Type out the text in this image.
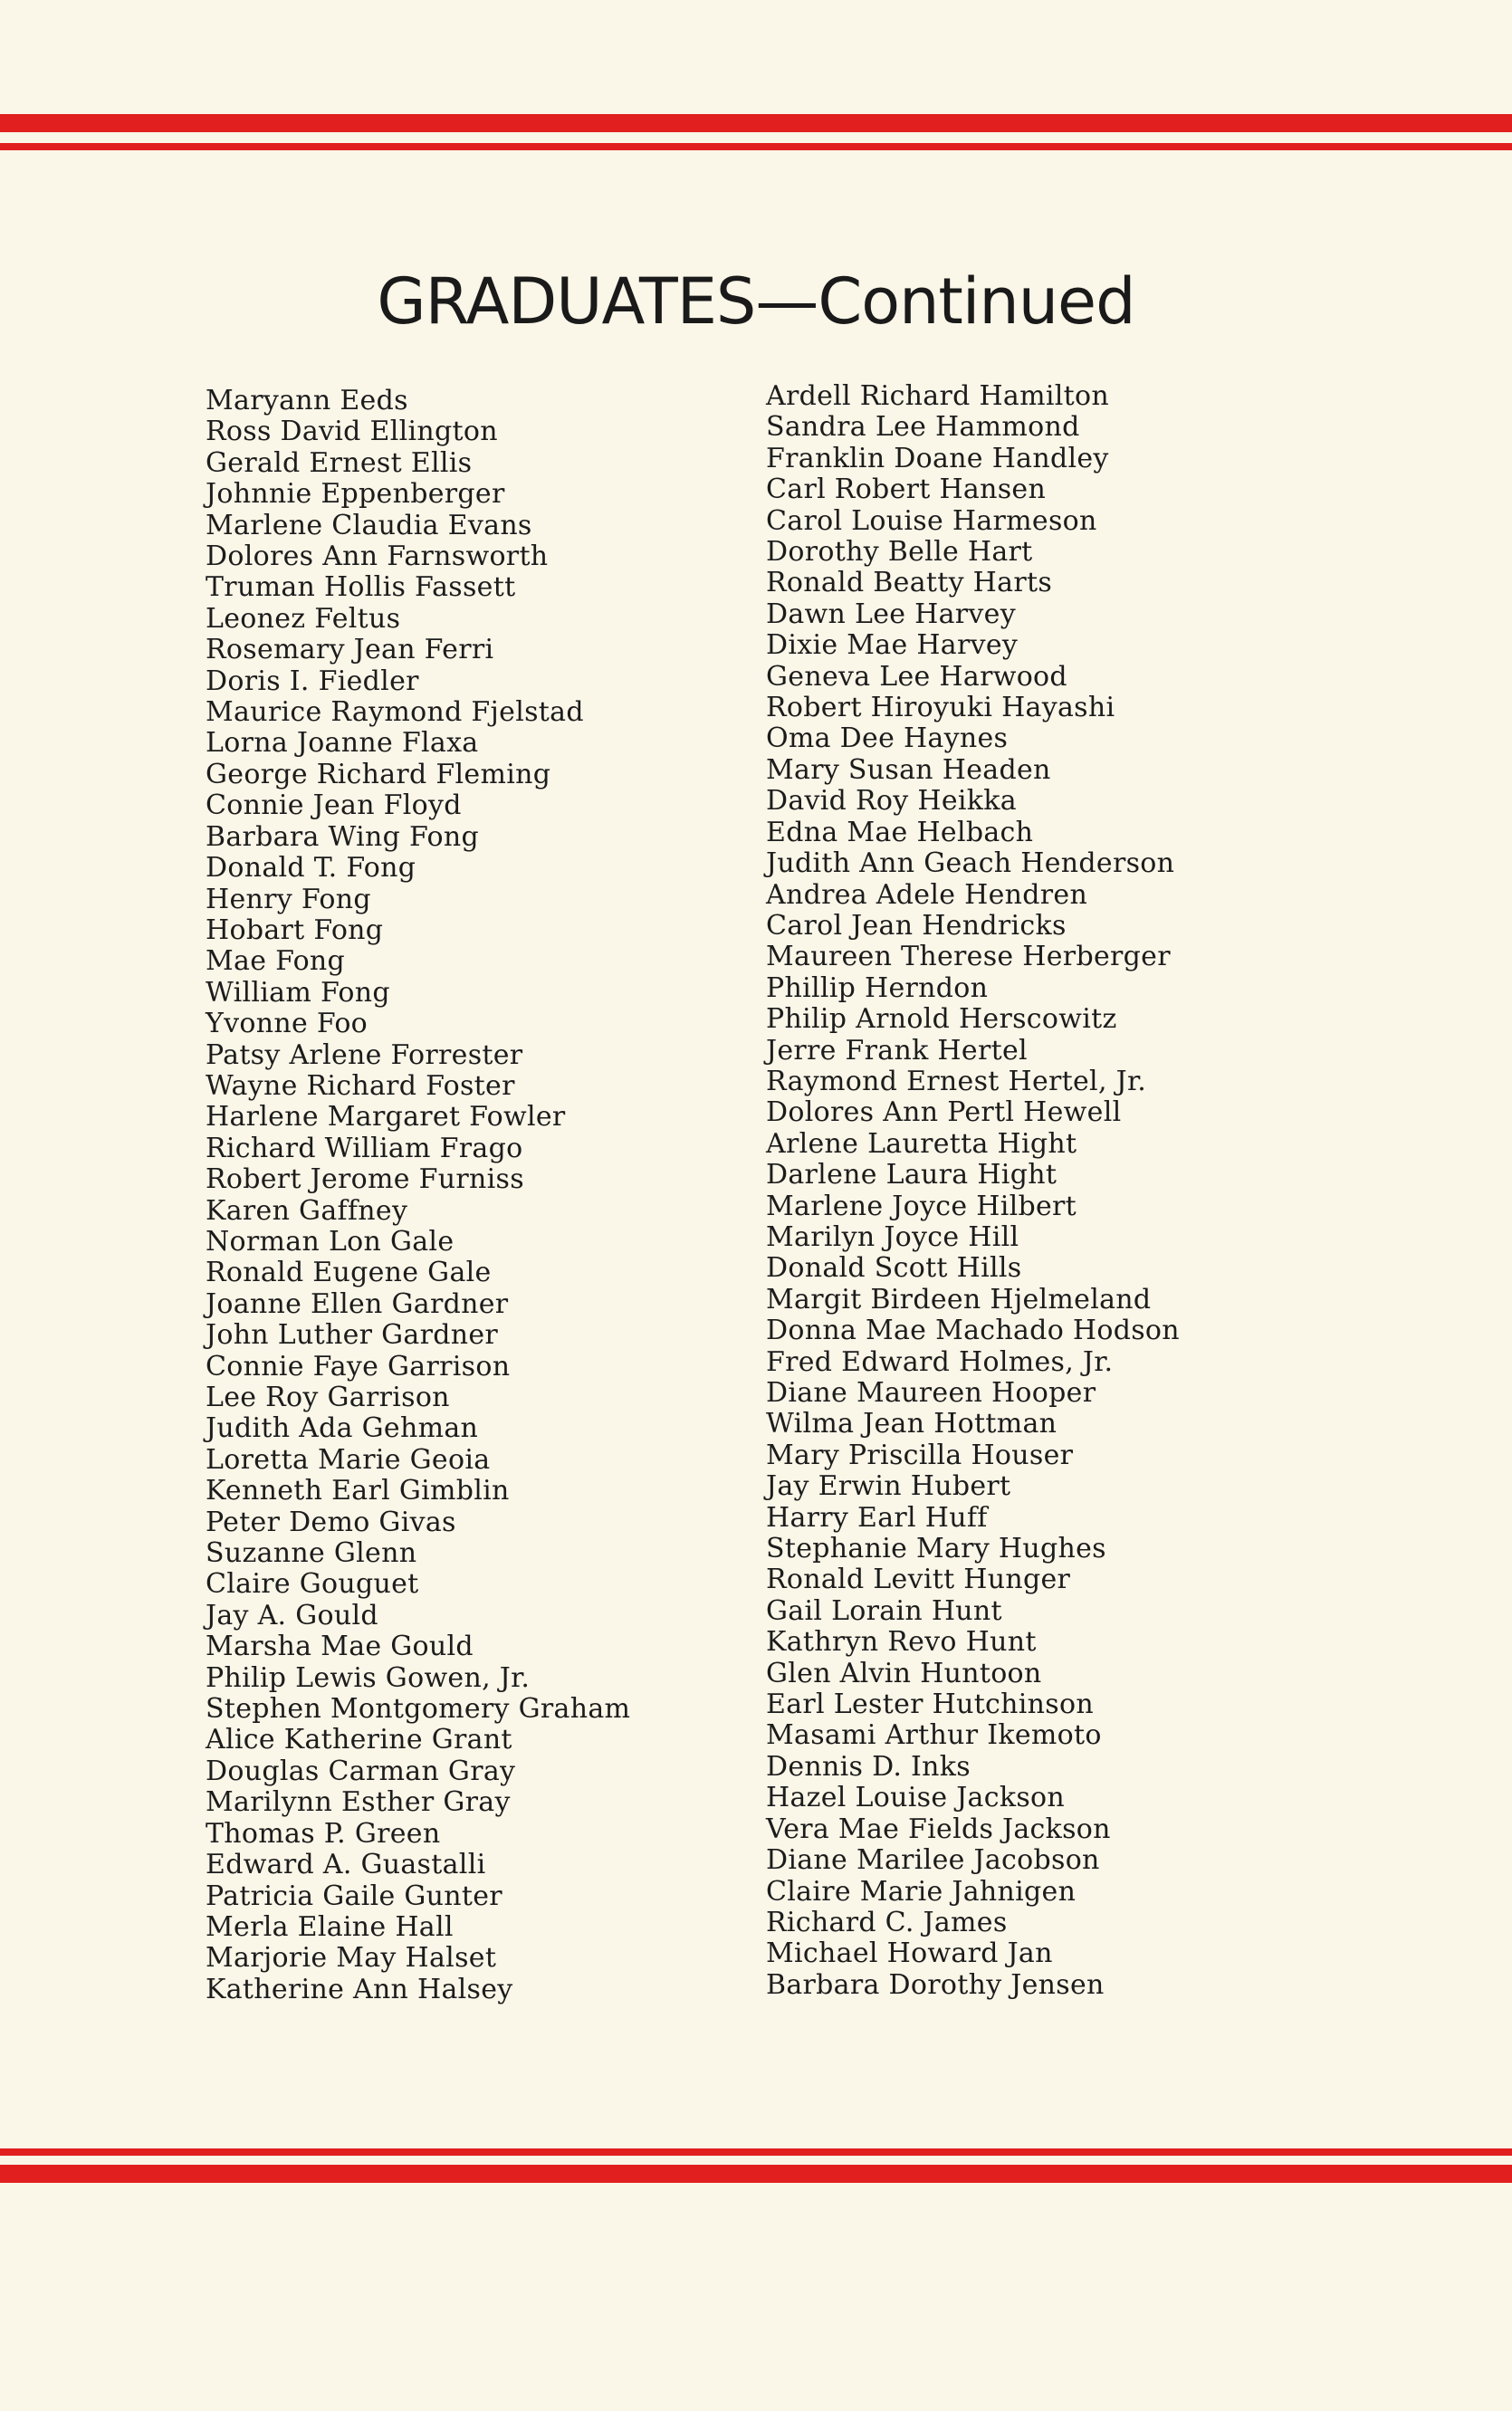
GRADUATES—Continued
Maryann Eeds
Ross David Ellington
Gerald Ernest Ellis
Johnnie Eppenberger
Marlene Claudia Evans
Dolores Ann Farnsworth
Truman Hollis Fassett
Leonez Feltus
Rosemary Jean Ferri
Doris I. Fiedler
Maurice Raymond Fjelstad
Lorna Joanne Flaxa
George Richard Fleming
Connie Jean Floyd
Barbara Wing Fong
Donald T. Fong
Henry Fong
Hobart Fong
Mae Fong
William Fong
Yvonne Foo
Patsy Arlene Forrester
Wayne Richard Foster
Harlene Margaret Fowler
Richard William Frago
Robert Jerome Furniss
Karen Gaffney
Norman Lon Gale
Ronald Eugene Gale
Joanne Ellen Gardner
John Luther Gardner
Connie Faye Garrison
Lee Roy Garrison
Judith Ada Gehman
Loretta Marie Geoia
Kenneth Earl Gimblin
Peter Demo Givas
Suzanne Glenn
Claire Gouguet
Jay A. Gould
Marsha Mae Gould
Philip Lewis Gowen, Jr.
Stephen Montgomery Graham
Alice Katherine Grant
Douglas Carman Gray
Marilynn Esther Gray
Thomas P. Green
Edward A. Guastalli
Patricia Gaile Gunter
Merla Elaine Hall
Marjorie May Halset
Katherine Ann Halsey
Ardell Richard Hamilton
Sandra Lee Hammond
Franklin Doane Handley
Carl Robert Hansen
Carol Louise Harmeson
Dorothy Belle Hart
Ronald Beatty Harts
Dawn Lee Harvey
Dixie Mae Harvey
Geneva Lee Harwood
Robert Hiroyuki Hayashi
Oma Dee Haynes
Mary Susan Headen
David Roy Heikka
Edna Mae Helbach
Judith Ann Geach Henderson
Andrea Adele Hendren
Carol Jean Hendricks
Maureen Therese Herberger
Phillip Herndon
Philip Arnold Herscowitz
Jerre Frank Hertel
Raymond Ernest Hertel, Jr.
Dolores Ann Pertl Hewell
Arlene Lauretta Hight
Darlene Laura Hight
Marlene Joyce Hilbert
Marilyn Joyce Hill
Donald Scott Hills
Margit Birdeen Hjelmeland
Donna Mae Machado Hodson
Fred Edward Holmes, Jr.
Diane Maureen Hooper
Wilma Jean Hottman
Mary Priscilla Houser
Jay Erwin Hubert
Harry Earl Huff
Stephanie Mary Hughes
Ronald Levitt Hunger
Gail Lorain Hunt
Kathryn Revo Hunt
Glen Alvin Huntoon
Earl Lester Hutchinson
Masami Arthur Ikemoto
Dennis D. Inks
Hazel Louise Jackson
Vera Mae Fields Jackson
Diane Marilee Jacobson
Claire Marie Jahnigen
Richard C. James
Michael Howard Jan
Barbara Dorothy Jensen
